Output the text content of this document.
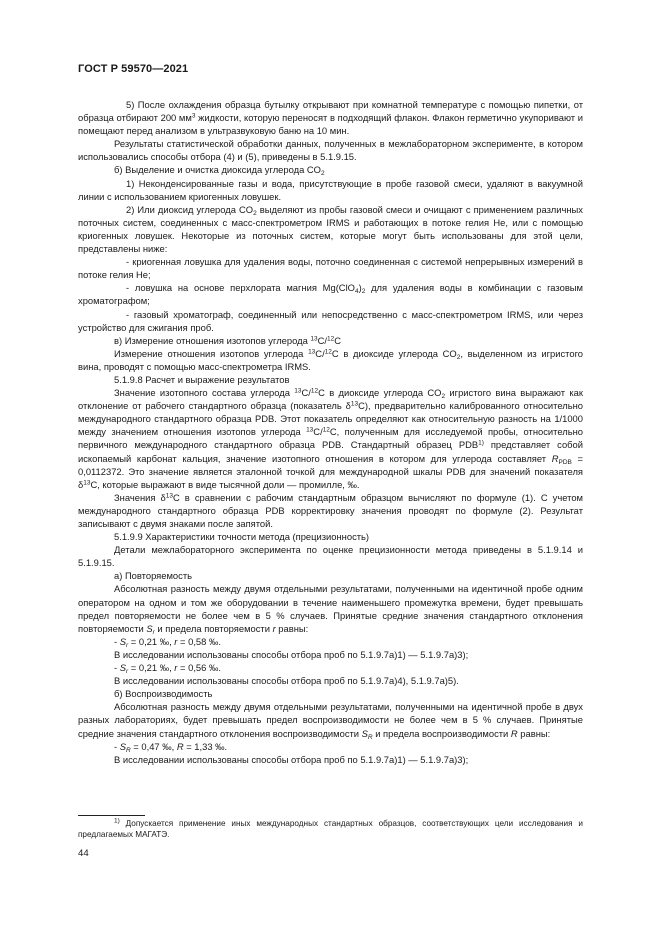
ГОСТ Р 59570—2021

5) После охлаждения образца бутылку открывают при комнатной температуре с помощью пипетки, от образца отбирают 200 $мм^3$ жидкости, которую переносят в подходящий флакон. Флакон герметично укупоривают и помещают перед анализом в ультразвуковую баню на 10 мин.

Результаты статистической обработки данных, полученных в межлабораторном эксперименте, в котором использовались способы отбора (4) и (5), приведены в 5.1.9.15.

б) Выделение и очистка диоксида углерода $CO_2$

1) Неконденсированные газы и вода, присутствующие в пробе газовой смеси, удаляют в вакуумной линии с использованием криогенных ловушек.

2) Или диоксид углерода $CO_2$ выделяют из пробы газовой смеси и очищают с применением различных поточных систем, соединенных с масс-спектрометром IRMS и работающих в потоке гелия He, или с помощью криогенных ловушек. Некоторые из поточных систем, которые могут быть использованы для этой цели, представлены ниже:

- криогенная ловушка для удаления воды, поточно соединенная с системой непрерывных измерений в потоке гелия He;

- ловушка на основе перхлората магния $Mg(ClO_4)_2$ для удаления воды в комбинации с газовым хроматографом;

- газовый хроматограф, соединенный или непосредственно с масс-спектрометром IRMS, или через устройство для сжигания проб.

в) Измерение отношения изотопов углерода $^{13}$C/$^{12}$C

Измерение отношения изотопов углерода $^{13}$C/$^{12}$C в диоксиде углерода $CO_2$, выделенном из игристого вина, проводят с помощью масс-спектрометра IRMS.

5.1.9.8 Расчет и выражение результатов

Значение изотопного состава углерода $^{13}$C/$^{12}$C в диоксиде углерода $CO_2$ игристого вина выражают как отклонение от рабочего стандартного образца (показатель $\delta^{13}C$), предварительно калиброванного относительно международного стандартного образца PDB. Этот показатель определяют как относительную разность на 1/1000 между значением отношения изотопов углерода $^{13}$C/$^{12}$C, полученным для исследуемой пробы, относительно первичного международного стандартного образца PDB. Стандартный образец PDB$^{1)}$ представляет собой ископаемый карбонат кальция, значение изотопного отношения в котором для углерода составляет $R_{PDB} = 0,0112372$. Это значение является эталонной точкой для международной шкалы PDB для значений показателя $\delta^{13}C$, которые выражают в виде тысячной доли — промилле, ‰.

Значения $\delta^{13}C$ в сравнении с рабочим стандартным образцом вычисляют по формуле (1). С учетом международного стандартного образца PDB корректировку значения проводят по формуле (2). Результат записывают с двумя знаками после запятой.

5.1.9.9 Характеристики точности метода (прецизионность)

Детали межлабораторного эксперимента по оценке прецизионности метода приведены в 5.1.9.14 и 5.1.9.15.

а) Повторяемость

Абсолютная разность между двумя отдельными результатами, полученными на идентичной пробе одним оператором на одном и том же оборудовании в течение наименьшего промежутка времени, будет превышать предел повторяемости не более чем в 5 % случаев. Принятые средние значения стандартного отклонения повторяемости $S_r$ и предела повторяемости r равны:

- $S_r = 0,21$ ‰, r = 0,58 ‰.

В исследовании использованы способы отбора проб по 5.1.9.7а)1) — 5.1.9.7а)3);

- $S_r = 0,21$ ‰, r = 0,56 ‰.

В исследовании использованы способы отбора проб по 5.1.9.7а)4), 5.1.9.7а)5).

б) Воспроизводимость

Абсолютная разность между двумя отдельными результатами, полученными на идентичной пробе в двух разных лабораториях, будет превышать предел воспроизводимости не более чем в 5 % случаев. Принятые средние значения стандартного отклонения воспроизводимости $S_R$ и предела воспроизводимости R равны:

- $S_R = 0,47$ ‰, R = 1,33 ‰.

В исследовании использованы способы отбора проб по 5.1.9.7а)1) — 5.1.9.7а)3);

$^{1)}$ Допускается применение иных международных стандартных образцов, соответствующих цели исследования и предлагаемых МАГАТЭ.

44
